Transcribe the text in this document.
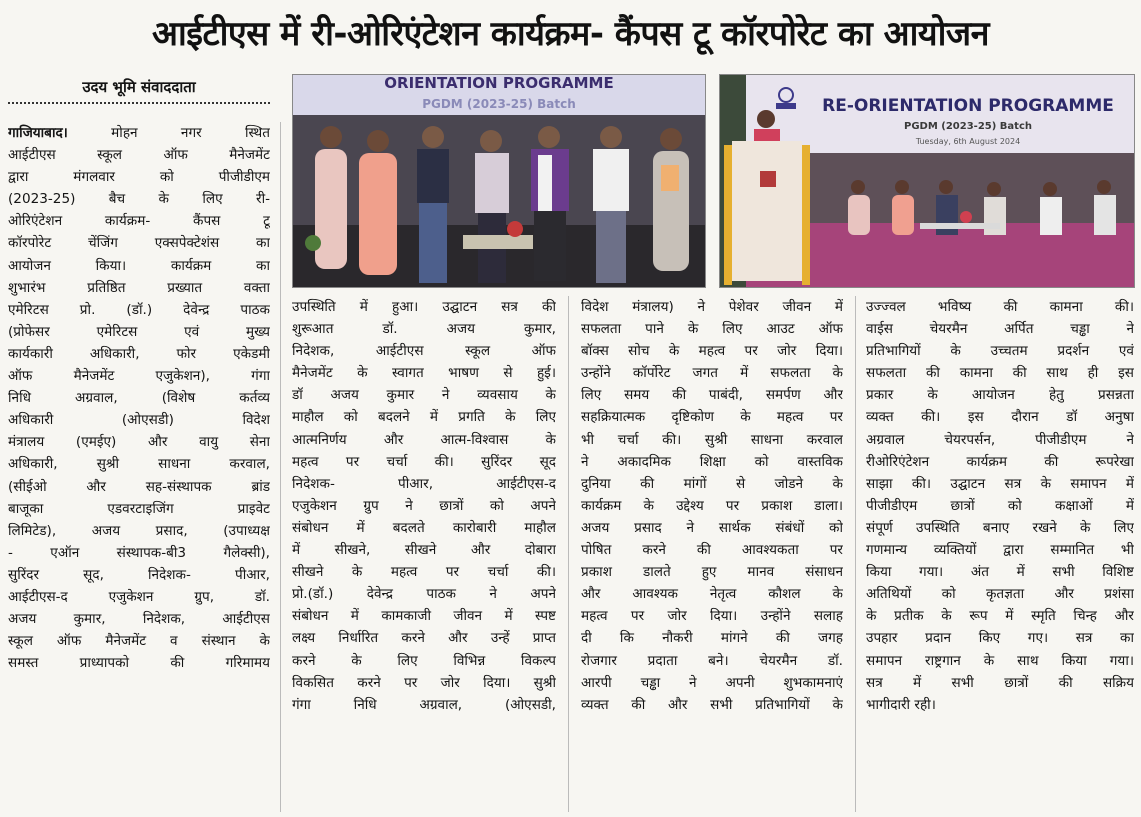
आईटीएस में री-ओरिएंटेशन कार्यक्रम- कैंपस टू कॉरपोरेट का आयोजन
उदय भूमि संवाददाता	ORIENTATION PROGRAMME
PGDM (2023-25) Batch	RE-ORIENTATION PROGRAMME
PGDM (2023-25) Batch
Tuesday, 6th August 2024

गाजियाबाद। मोहन नगर स्थित

आईटीएस स्कूल ऑफ मैनेजमेंट

द्वारा मंगलवार को पीजीडीएम

(2023-25) बैच के लिए री-

ओरिएंटेशन कार्यक्रम- कैंपस टू

कॉरपोरेट चेंजिंग एक्सपेक्टेशंस का

आयोजन किया। कार्यक्रम का

शुभारंभ प्रतिष्ठित प्रख्यात वक्ता

एमेरिटस प्रो. (डॉ.) देवेन्द्र पाठक

(प्रोफेसर एमेरिटस एवं मुख्य

कार्यकारी अधिकारी, फोर एकेडमी

ऑफ मैनेजमेंट एजुकेशन), गंगा

निधि अग्रवाल, (विशेष कर्तव्य

अधिकारी (ओएसडी) विदेश

मंत्रालय (एमईए) और वायु सेना

अधिकारी, सुश्री साधना करवाल,

(सीईओ और सह-संस्थापक ब्रांड

बाजूका एडवरटाइजिंग प्राइवेट

लिमिटेड), अजय प्रसाद, (उपाध्यक्ष

- एऑन संस्थापक-बी3 गैलेक्सी),

सुरिंदर सूद, निदेशक- पीआर,

आईटीएस-द एजुकेशन ग्रुप, डॉ.

अजय कुमार, निदेशक, आईटीएस

स्कूल ऑफ मैनेजमेंट व संस्थान के

समस्त प्राध्यापको की गरिमामय

उपस्थिति में हुआ। उद्घाटन सत्र की

शुरूआत डॉ. अजय कुमार,

निदेशक, आईटीएस स्कूल ऑफ

मैनेजमेंट के स्वागत भाषण से हुई।

डॉ अजय कुमार ने व्यवसाय के

माहौल को बदलने में प्रगति के लिए

आत्मनिर्णय और आत्म-विश्वास के

महत्व पर चर्चा की। सुरिंदर सूद

निदेशक- पीआर, आईटीएस-द

एजुकेशन ग्रुप ने छात्रों को अपने

संबोधन में बदलते कारोबारी माहौल

में सीखने, सीखने और दोबारा

सीखने के महत्व पर चर्चा की।

प्रो.(डॉ.) देवेन्द्र पाठक ने अपने

संबोधन में कामकाजी जीवन में स्पष्ट

लक्ष्य निर्धारित करने और उन्हें प्राप्त

करने के लिए विभिन्न विकल्प

विकसित करने पर जोर दिया। सुश्री

गंगा निधि अग्रवाल, (ओएसडी,

विदेश मंत्रालय) ने पेशेवर जीवन में

सफलता पाने के लिए आउट ऑफ

बॉक्स सोच के महत्व पर जोर दिया।

उन्होंने कॉर्पोरेट जगत में सफलता के

लिए समय की पाबंदी, समर्पण और

सहक्रियात्मक दृष्टिकोण के महत्व पर

भी चर्चा की। सुश्री साधना करवाल

ने अकादमिक शिक्षा को वास्तविक

दुनिया की मांगों से जोडने के

कार्यक्रम के उद्देश्य पर प्रकाश डाला।

अजय प्रसाद ने सार्थक संबंधों को

पोषित करने की आवश्यकता पर

प्रकाश डालते हुए मानव संसाधन

और आवश्यक नेतृत्व कौशल के

महत्व पर जोर दिया। उन्होंने सलाह

दी कि नौकरी मांगने की जगह

रोजगार प्रदाता बने। चेयरमैन डॉ.

आरपी चड्ढा ने अपनी शुभकामनाएं

व्यक्त की और सभी प्रतिभागियों के

उज्ज्वल भविष्य की कामना की।

वाईस चेयरमैन अर्पित चड्ढा ने

प्रतिभागियों के उच्चतम प्रदर्शन एवं

सफलता की कामना की साथ ही इस

प्रकार के आयोजन हेतु प्रसन्नता

व्यक्त की। इस दौरान डॉ अनुषा

अग्रवाल चेयरपर्सन, पीजीडीएम ने

रीओरिएंटेशन कार्यक्रम की रूपरेखा

साझा की। उद्घाटन सत्र के समापन में

पीजीडीएम छात्रों को कक्षाओं में

संपूर्ण उपस्थिति बनाए रखने के लिए

गणमान्य व्यक्तियों द्वारा सम्मानित भी

किया गया। अंत में सभी विशिष्ट

अतिथियों को कृतज्ञता और प्रशंसा

के प्रतीक के रूप में स्मृति चिन्ह और

उपहार प्रदान किए गए। सत्र का

समापन राष्ट्रगान के साथ किया गया।

सत्र में सभी छात्रों की सक्रिय

भागीदारी रही।
